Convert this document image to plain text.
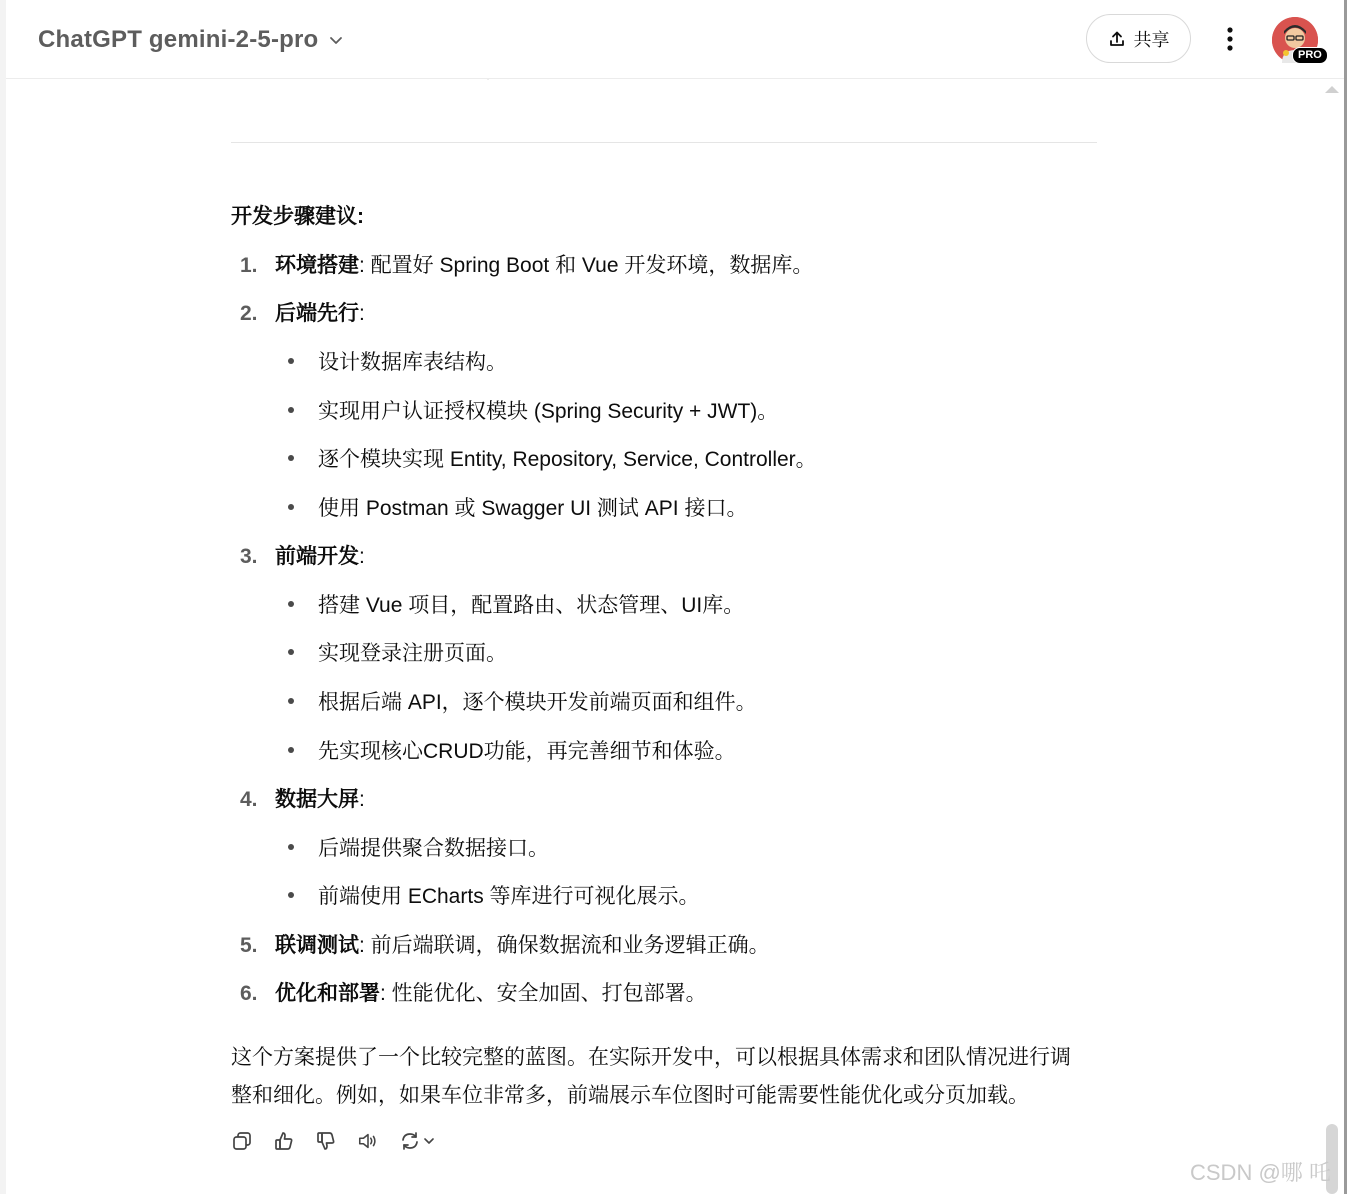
ChatGPT gemini-2-5-pro	共享
PRO
开发步骤建议:
1. 环境搭建: 配置好 Spring Boot 和 Vue 开发环境，数据库。
2. 后端先行:
设计数据库表结构。
实现用户认证授权模块 (Spring Security + JWT)。
逐个模块实现 Entity, Repository, Service, Controller。
使用 Postman 或 Swagger UI 测试 API 接口。
3. 前端开发:
搭建 Vue 项目，配置路由、状态管理、UI库。
实现登录注册页面。
根据后端 API，逐个模块开发前端页面和组件。
先实现核心CRUD功能，再完善细节和体验。
4. 数据大屏:
后端提供聚合数据接口。
前端使用 ECharts 等库进行可视化展示。
5. 联调测试: 前后端联调，确保数据流和业务逻辑正确。
6. 优化和部署: 性能优化、安全加固、打包部署。
这个方案提供了一个比较完整的蓝图。在实际开发中，可以根据具体需求和团队情况进行调
整和细化。例如，如果车位非常多，前端展示车位图时可能需要性能优化或分页加载。
CSDN @哪 吒
